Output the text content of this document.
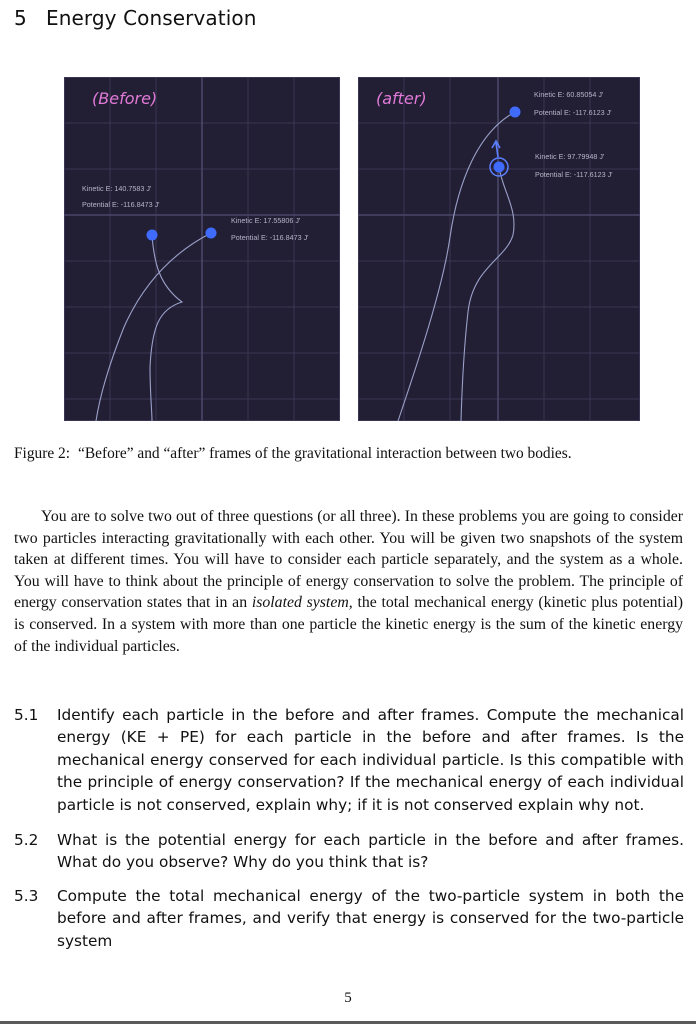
5 Energy Conservation
(Before)
Kinetic E: 140.7583 J'
Potential E: -116.8473 J'
Kinetic E: 17.55806 J'
Potential E: -116.8473 J'
(after)	Kinetic E: 60.85054 J'
Potential E: -117.6123 J'
Kinetic E: 97.79948 J'
Potential E: -117.6123 J'
Figure 2: “Before” and “after” frames of the gravitational interaction between two bodies.
You are to solve two out of three questions (or all three). In these problems you are going to consider two particles interacting gravitationally with each other. You will be given two snapshots of the system taken at different times. You will have to consider each particle separately, and the system as a whole. You will have to think about the principle of energy conservation to solve the problem. The principle of energy conservation states that in an isolated system, the total mechanical energy (kinetic plus potential) is conserved. In a system with more than one particle the kinetic energy is the sum of the kinetic energy of the individual particles.
5.1 Identify each particle in the before and after frames. Compute the mechanical energy (KE + PE) for each particle in the before and after frames. Is the mechanical energy conserved for each individual particle. Is this compatible with the principle of energy conservation? If the mechanical energy of each individual particle is not conserved, explain why; if it is not conserved explain why not.
5.2 What is the potential energy for each particle in the before and after frames. What do you observe? Why do you think that is?
5.3 Compute the total mechanical energy of the two-particle system in both the before and after frames, and verify that energy is conserved for the two-particle system
5
